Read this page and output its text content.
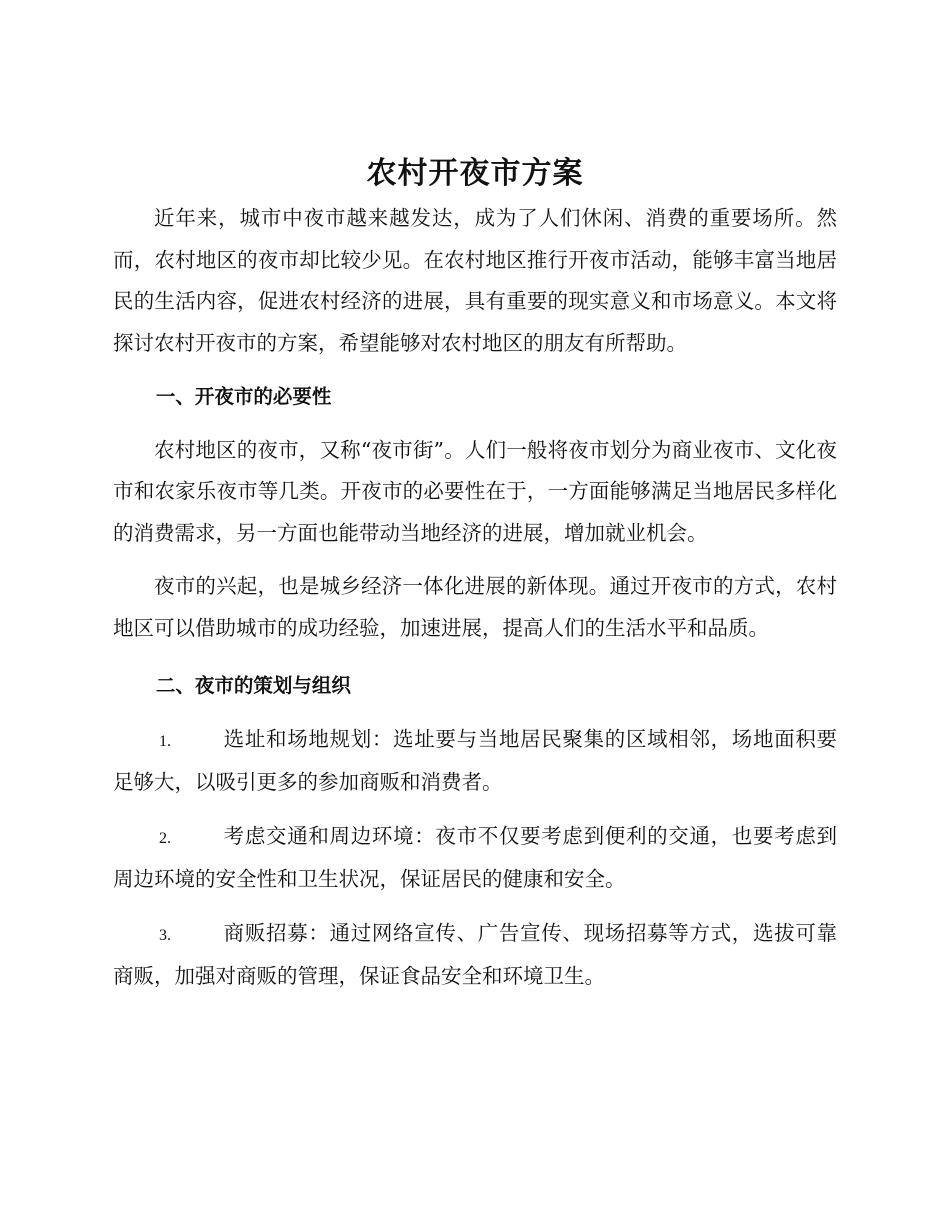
农村开夜市方案

近年来，城市中夜市越来越发达，成为了人们休闲、消费的重要场所。然而，农村地区的夜市却比较少见。在农村地区推行开夜市活动，能够丰富当地居民的生活内容，促进农村经济的进展，具有重要的现实意义和市场意义。本文将探讨农村开夜市的方案，希望能够对农村地区的朋友有所帮助。

一、开夜市的必要性

农村地区的夜市，又称“夜市街”。人们一般将夜市划分为商业夜市、文化夜市和农家乐夜市等几类。开夜市的必要性在于，一方面能够满足当地居民多样化的消费需求，另一方面也能带动当地经济的进展，增加就业机会。

夜市的兴起，也是城乡经济一体化进展的新体现。通过开夜市的方式，农村地区可以借助城市的成功经验，加速进展，提高人们的生活水平和品质。

二、夜市的策划与组织

1.	选址和场地规划：选址要与当地居民聚集的区域相邻，场地面积要足够大，以吸引更多的参加商贩和消费者。

2.	考虑交通和周边环境：夜市不仅要考虑到便利的交通，也要考虑到周边环境的安全性和卫生状况，保证居民的健康和安全。

3.	商贩招募：通过网络宣传、广告宣传、现场招募等方式，选拔可靠商贩，加强对商贩的管理，保证食品安全和环境卫生。
